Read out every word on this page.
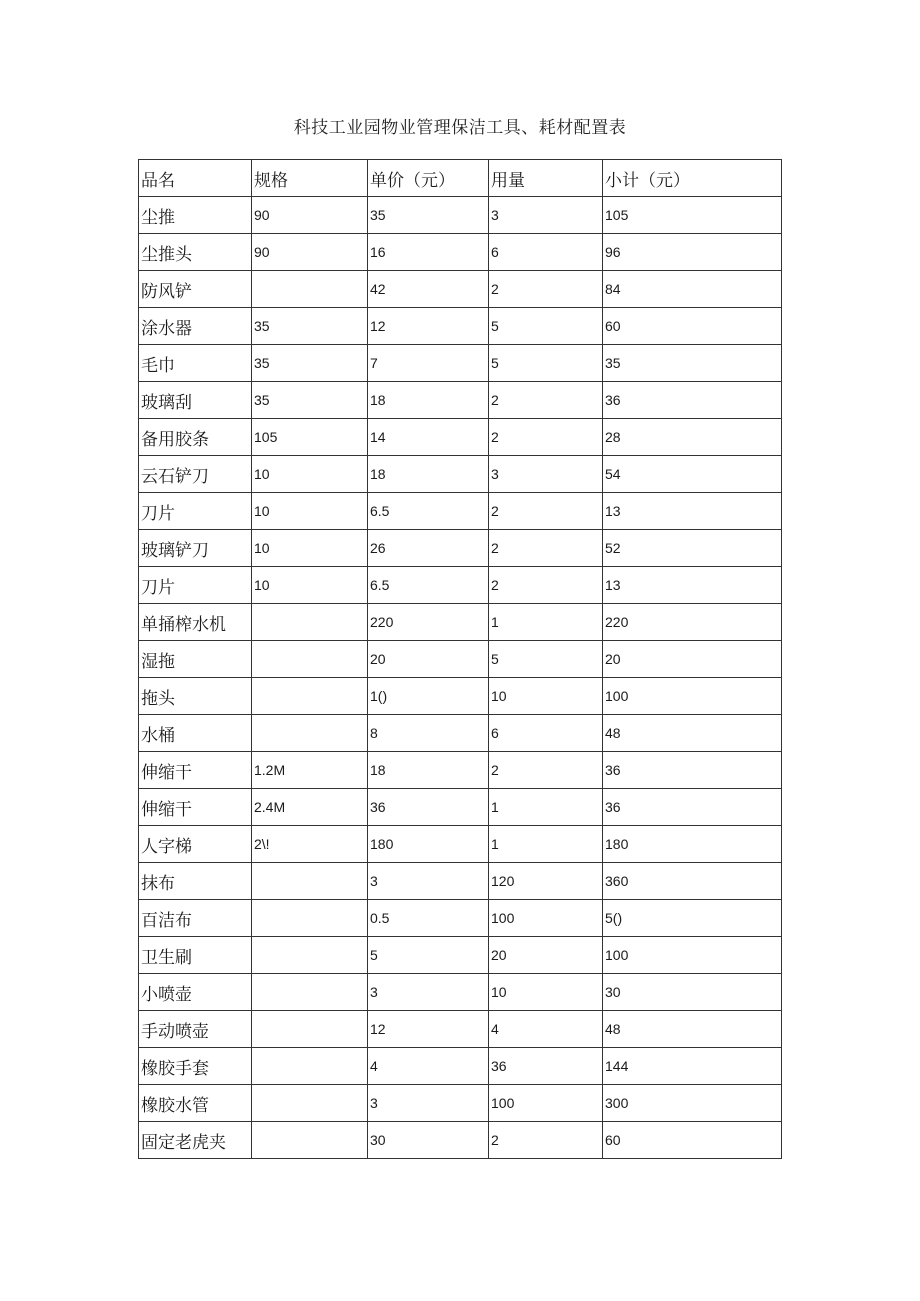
科技工业园物业管理保洁工具、耗材配置表
品名	规格	单价（元）	用量	小计（元）
尘推	90	35	3	105
尘推头	90	16	6	96
防风铲		42	2	84
涂水器	35	12	5	60
毛巾	35	7	5	35
玻璃刮	35	18	2	36
备用胶条	105	14	2	28
云石铲刀	10	18	3	54
刀片	10	6.5	2	13
玻璃铲刀	10	26	2	52
刀片	10	6.5	2	13
单捅榨水机		220	1	220
湿拖		20	5	20
拖头		1()	10	100
水桶		8	6	48
伸缩干	1.2M	18	2	36
伸缩干	2.4M	36	1	36
人字梯	2\!	180	1	180
抹布		3	120	360
百洁布		0.5	100	5()
卫生刷		5	20	100
小喷壶		3	10	30
手动喷壶		12	4	48
橡胶手套		4	36	144
橡胶水管		3	100	300
固定老虎夹		30	2	60
